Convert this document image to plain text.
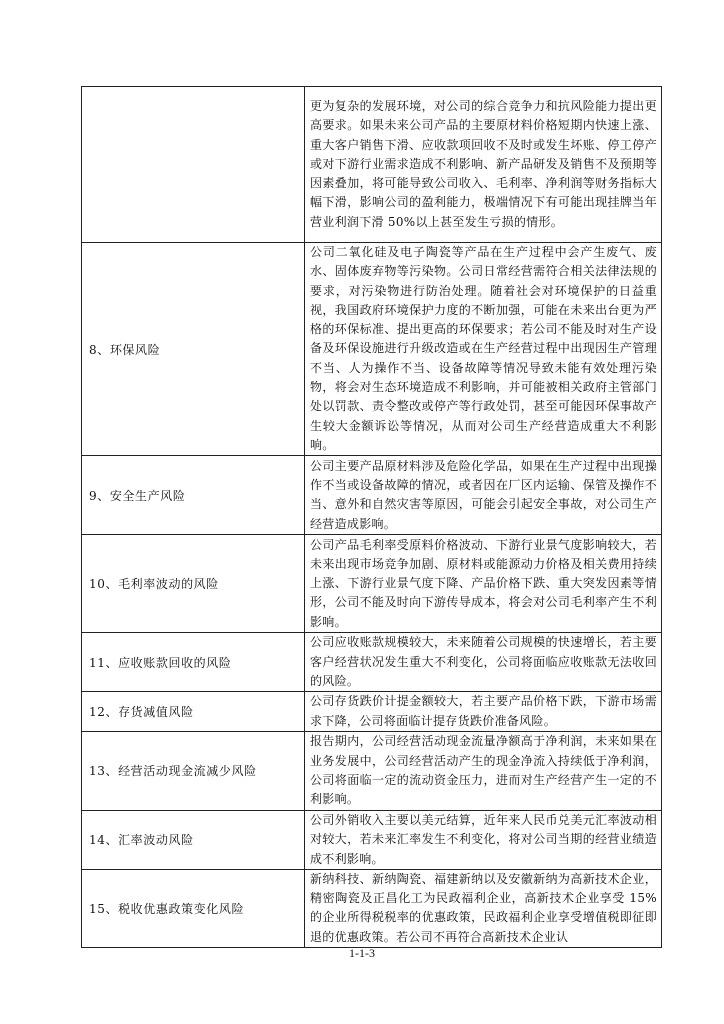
	更为复杂的发展环境，对公司的综合竞争力和抗风险能力提出更高要求。如果未来公司产品的主要原材料价格短期内快速上涨、重大客户销售下滑、应收款项回收不及时或发生坏账、停工停产或对下游行业需求造成不利影响、新产品研发及销售不及预期等因素叠加，将可能导致公司收入、毛利率、净利润等财务指标大幅下滑，影响公司的盈利能力，极端情况下有可能出现挂牌当年营业利润下滑 50%以上甚至发生亏损的情形。
8、环保风险	公司二氧化硅及电子陶瓷等产品在生产过程中会产生废气、废水、固体废弃物等污染物。公司日常经营需符合相关法律法规的要求，对污染物进行防治处理。随着社会对环境保护的日益重视，我国政府环境保护力度的不断加强，可能在未来出台更为严格的环保标准、提出更高的环保要求；若公司不能及时对生产设备及环保设施进行升级改造或在生产经营过程中出现因生产管理不当、人为操作不当、设备故障等情况导致未能有效处理污染物，将会对生态环境造成不利影响，并可能被相关政府主管部门处以罚款、责令整改或停产等行政处罚，甚至可能因环保事故产生较大金额诉讼等情况，从而对公司生产经营造成重大不利影响。
9、安全生产风险	公司主要产品原材料涉及危险化学品，如果在生产过程中出现操作不当或设备故障的情况，或者因在厂区内运输、保管及操作不当、意外和自然灾害等原因，可能会引起安全事故，对公司生产经营造成影响。
10、毛利率波动的风险	公司产品毛利率受原料价格波动、下游行业景气度影响较大，若未来出现市场竞争加剧、原材料或能源动力价格及相关费用持续上涨、下游行业景气度下降、产品价格下跌、重大突发因素等情形，公司不能及时向下游传导成本，将会对公司毛利率产生不利影响。
11、应收账款回收的风险	公司应收账款规模较大，未来随着公司规模的快速增长，若主要客户经营状况发生重大不利变化，公司将面临应收账款无法收回的风险。
12、存货减值风险	公司存货跌价计提金额较大，若主要产品价格下跌，下游市场需求下降，公司将面临计提存货跌价准备风险。
13、经营活动现金流减少风险	报告期内，公司经营活动现金流量净额高于净利润，未来如果在业务发展中，公司经营活动产生的现金净流入持续低于净利润，公司将面临一定的流动资金压力，进而对生产经营产生一定的不利影响。
14、汇率波动风险	公司外销收入主要以美元结算，近年来人民币兑美元汇率波动相对较大，若未来汇率发生不利变化，将对公司当期的经营业绩造成不利影响。
15、税收优惠政策变化风险	新纳科技、新纳陶瓷、福建新纳以及安徽新纳为高新技术企业，精密陶瓷及正昌化工为民政福利企业，高新技术企业享受 15%的企业所得税税率的优惠政策，民政福利企业享受增值税即征即退的优惠政策。若公司不再符合高新技术企业认
1-1-3
